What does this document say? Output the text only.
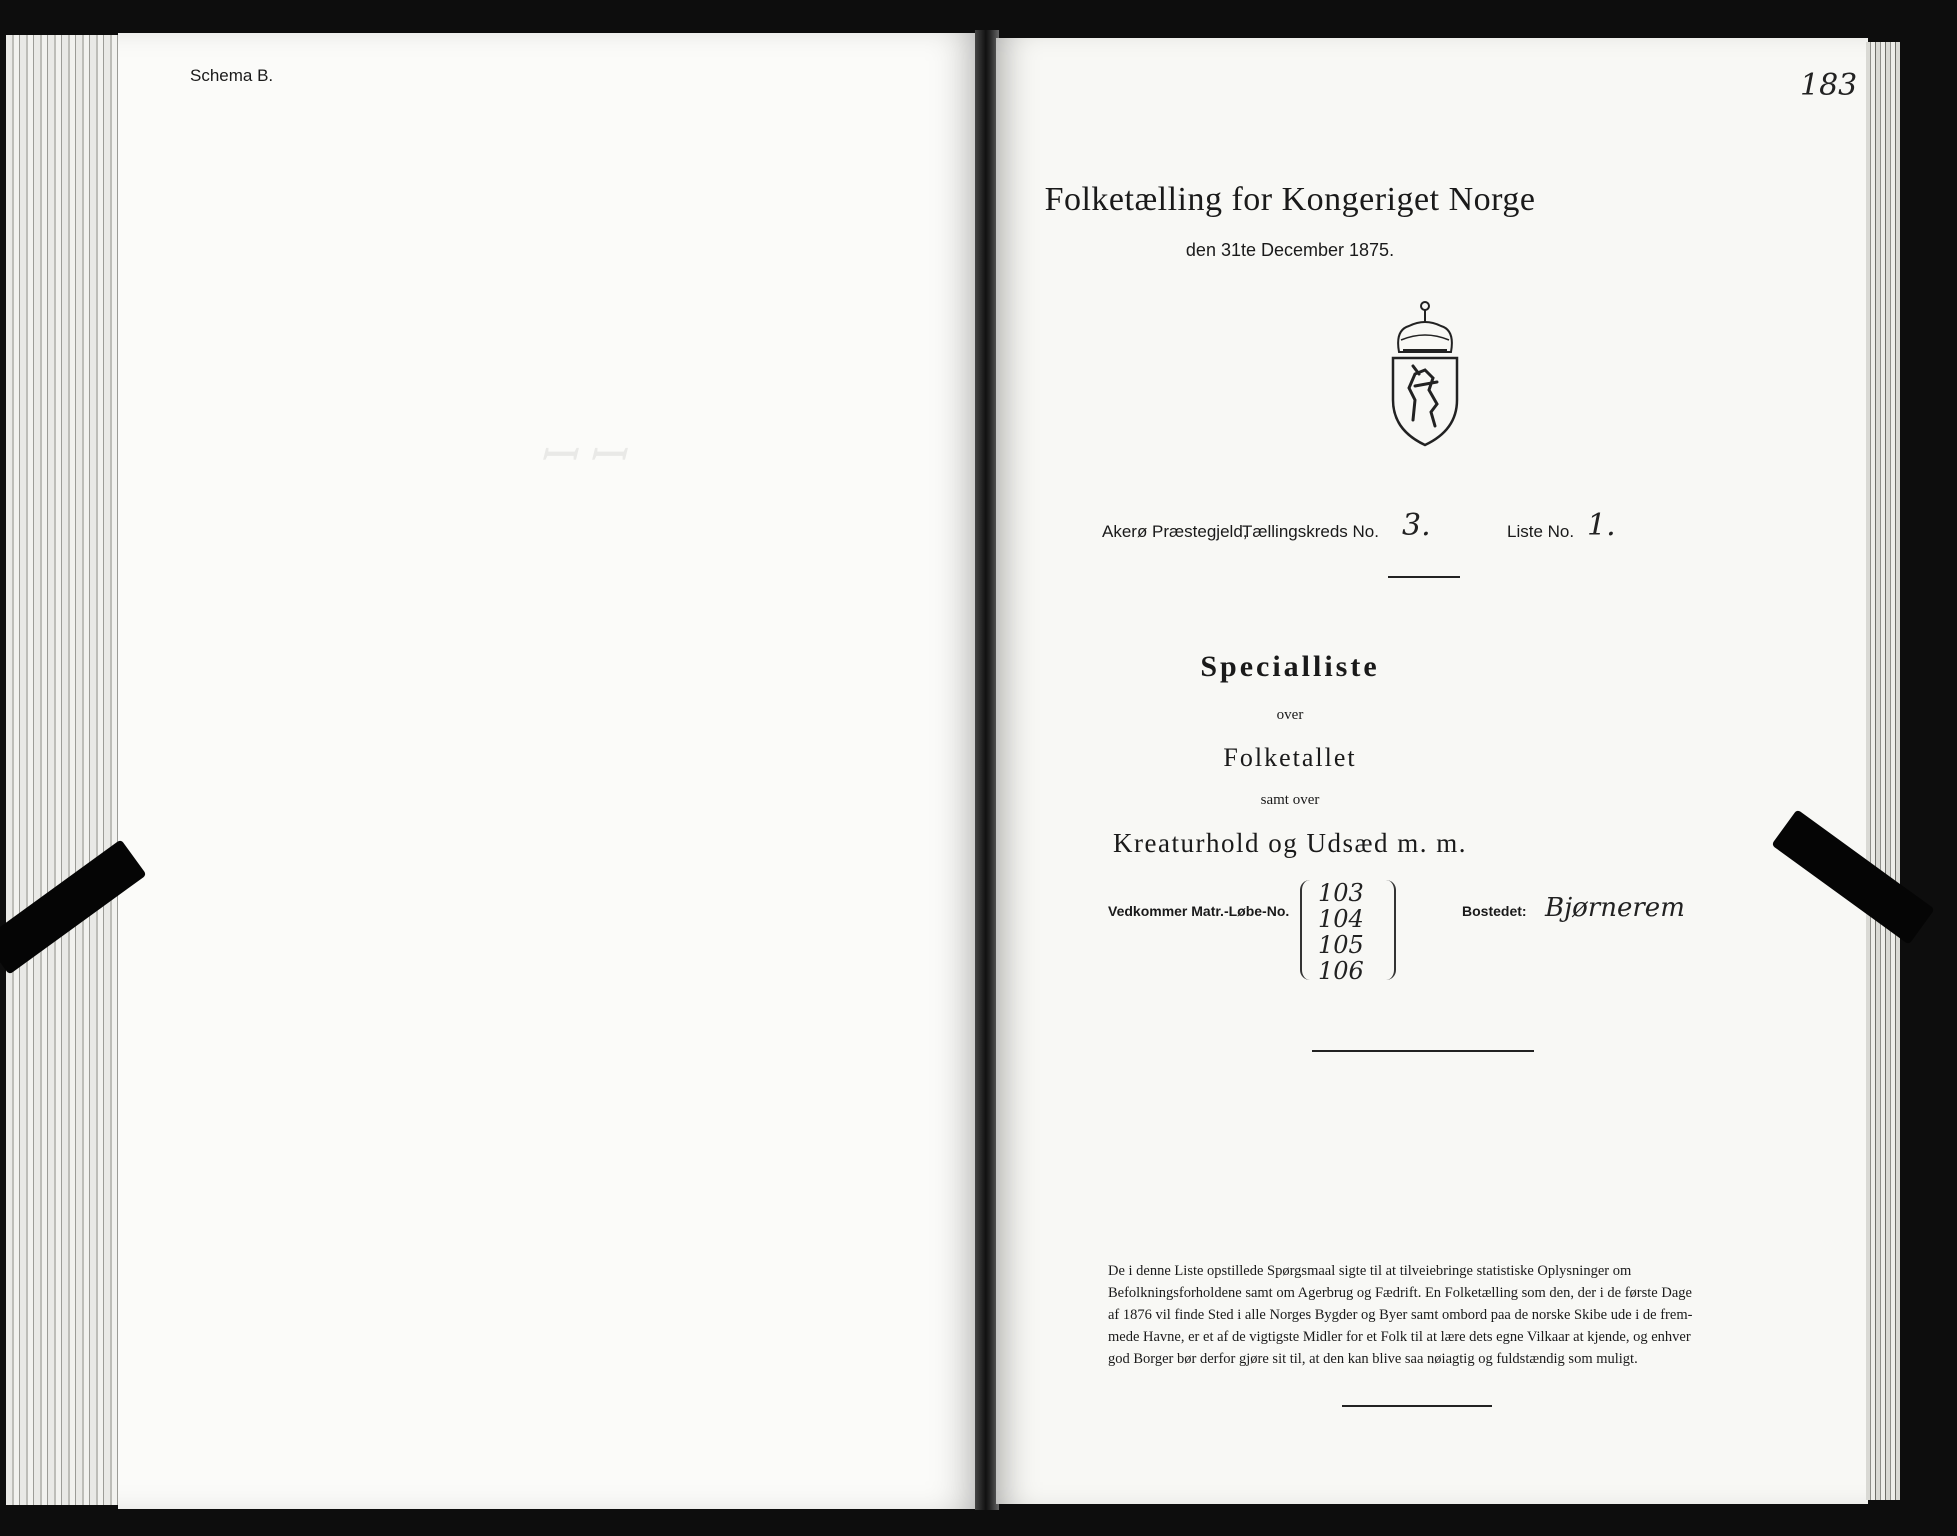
ꟷ ꟷ
Schema B.	183
Folketælling for Kongeriget Norge
den 31te December 1875.
Akerø Præstegjeld,
Tællingskreds No. 3.	Liste No. 1.
Specialliste
over
Folketallet
samt over
Kreaturhold og Udsæd m. m.
Vedkommer Matr.-Løbe-No.
103
104
105
106
Bostedet: Bjørnerem
De i denne Liste opstillede Spørgsmaal sigte til at tilveiebringe statistiske Oplysninger om
Befolkningsforholdene samt om Agerbrug og Fædrift. En Folketælling som den, der i de første Dage
af 1876 vil finde Sted i alle Norges Bygder og Byer samt ombord paa de norske Skibe ude i de frem-
mede Havne, er et af de vigtigste Midler for et Folk til at lære dets egne Vilkaar at kjende, og enhver
god Borger bør derfor gjøre sit til, at den kan blive saa nøiagtig og fuldstændig som muligt.
